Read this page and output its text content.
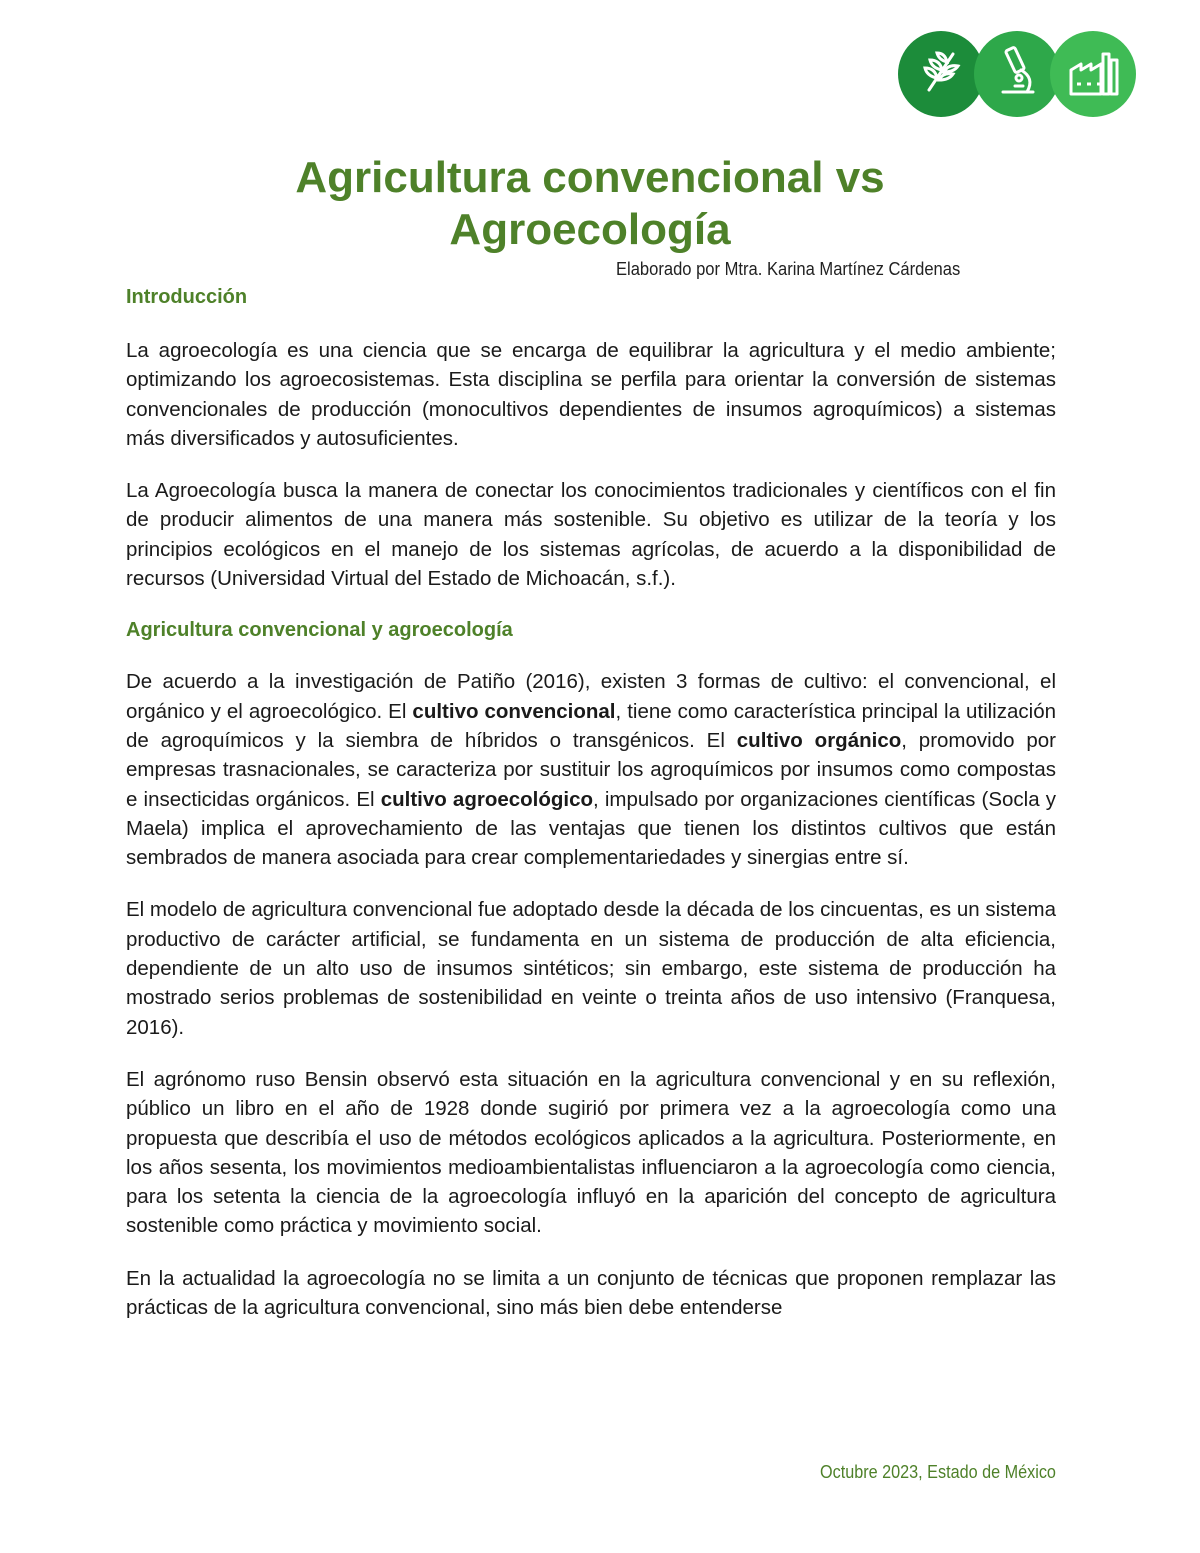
Agricultura convencional vs
Agroecología
Elaborado por Mtra. Karina Martínez Cárdenas
Introducción

La agroecología es una ciencia que se encarga de equilibrar la agricultura y el medio ambiente; optimizando los agroecosistemas. Esta disciplina se perfila para orientar la conversión de sistemas convencionales de producción (monocultivos dependientes de insumos agroquímicos) a sistemas más diversificados y autosuficientes.

La Agroecología busca la manera de conectar los conocimientos tradicionales y científicos con el fin de producir alimentos de una manera más sostenible. Su objetivo es utilizar de la teoría y los principios ecológicos en el manejo de los sistemas agrícolas, de acuerdo a la disponibilidad de recursos (Universidad Virtual del Estado de Michoacán, s.f.).

Agricultura convencional y agroecología

De acuerdo a la investigación de Patiño (2016), existen 3 formas de cultivo: el convencional, el orgánico y el agroecológico. El cultivo convencional, tiene como característica principal la utilización de agroquímicos y la siembra de híbridos o transgénicos. El cultivo orgánico, promovido por empresas trasnacionales, se caracteriza por sustituir los agroquímicos por insumos como compostas e insecticidas orgánicos. El cultivo agroecológico, impulsado por organizaciones científicas (Socla y Maela) implica el aprovechamiento de las ventajas que tienen los distintos cultivos que están sembrados de manera asociada para crear complementariedades y sinergias entre sí.

El modelo de agricultura convencional fue adoptado desde la década de los cincuentas, es un sistema productivo de carácter artificial, se fundamenta en un sistema de producción de alta eficiencia, dependiente de un alto uso de insumos sintéticos; sin embargo, este sistema de producción ha mostrado serios problemas de sostenibilidad en veinte o treinta años de uso intensivo (Franquesa, 2016).

El agrónomo ruso Bensin observó esta situación en la agricultura convencional y en su reflexión, público un libro en el año de 1928 donde sugirió por primera vez a la agroecología como una propuesta que describía el uso de métodos ecológicos aplicados a la agricultura. Posteriormente, en los años sesenta, los movimientos medioambientalistas influenciaron a la agroecología como ciencia, para los setenta la ciencia de la agroecología influyó en la aparición del concepto de agricultura sostenible como práctica y movimiento social.

En la actualidad la agroecología no se limita a un conjunto de técnicas que proponen remplazar las prácticas de la agricultura convencional, sino más bien debe entenderse

Octubre 2023, Estado de México
